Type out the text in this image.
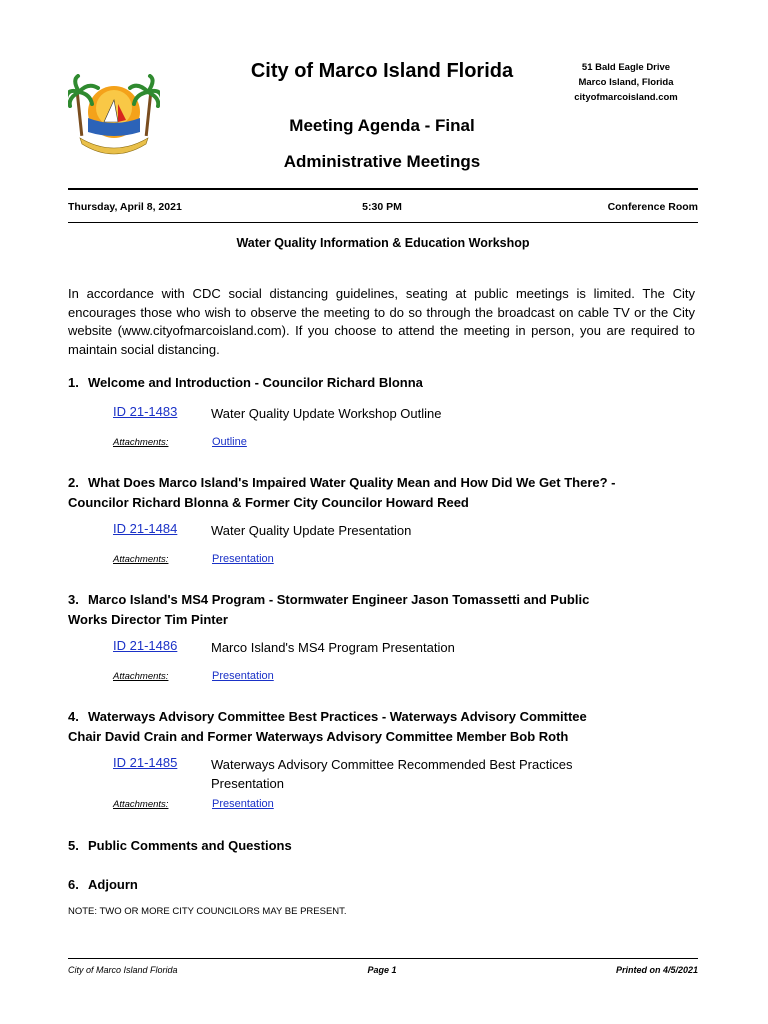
City of Marco Island Florida	51 Bald Eagle Drive
Marco Island, Florida
cityofmarcoisland.com
Meeting Agenda - Final
Administrative Meetings
Thursday, April 8, 2021	5:30 PM	Conference Room
Water Quality Information & Education Workshop
In accordance with CDC social distancing guidelines, seating at public meetings is limited. The City encourages those who wish to observe the meeting to do so through the broadcast on cable TV or the City website (www.cityofmarcoisland.com). If you choose to attend the meeting in person, you are required to maintain social distancing.
1. Welcome and Introduction - Councilor Richard Blonna
ID 21-1483	Water Quality Update Workshop Outline
Attachments:	Outline
2. What Does Marco Island's Impaired Water Quality Mean and How Did We Get There? -
Councilor Richard Blonna & Former City Councilor Howard Reed
ID 21-1484	Water Quality Update Presentation
Attachments:	Presentation
3. Marco Island's MS4 Program - Stormwater Engineer Jason Tomassetti and Public
Works Director Tim Pinter
ID 21-1486	Marco Island's MS4 Program Presentation
Attachments:	Presentation
4. Waterways Advisory Committee Best Practices - Waterways Advisory Committee
Chair David Crain and Former Waterways Advisory Committee Member Bob Roth
ID 21-1485	Waterways Advisory Committee Recommended Best Practices
Presentation
Attachments:	Presentation
5. Public Comments and Questions
6. Adjourn
NOTE: TWO OR MORE CITY COUNCILORS MAY BE PRESENT.
City of Marco Island Florida	Page 1	Printed on 4/5/2021
